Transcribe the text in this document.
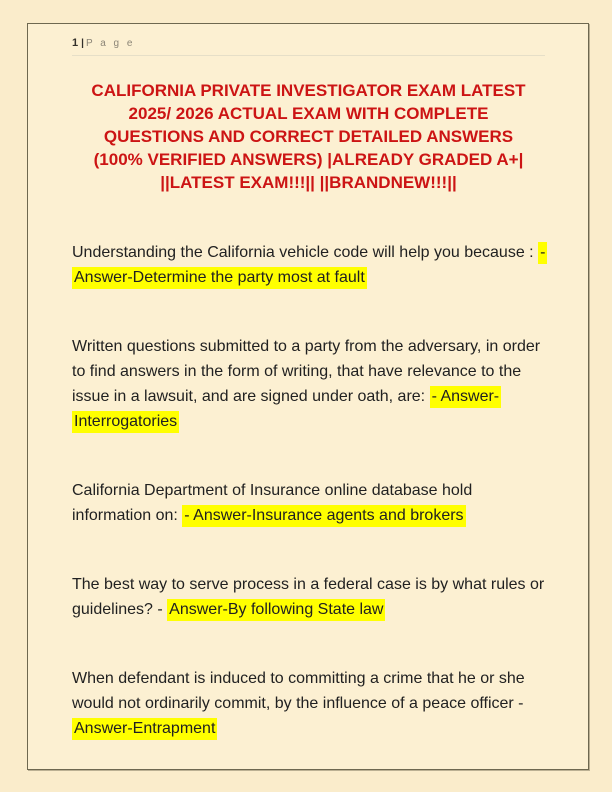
1 | P a g e
CALIFORNIA PRIVATE INVESTIGATOR EXAM LATEST
2025/ 2026 ACTUAL EXAM WITH COMPLETE
QUESTIONS AND CORRECT DETAILED ANSWERS
(100% VERIFIED ANSWERS) |ALREADY GRADED A+|
||LATEST EXAM!!!|| ||BRANDNEW!!!||

Understanding the California vehicle code will help you because : - Answer-Determine the party most at fault

Written questions submitted to a party from the adversary, in order to find answers in the form of writing, that have relevance to the issue in a lawsuit, and are signed under oath, are: - Answer-Interrogatories

California Department of Insurance online database hold information on: - Answer-Insurance agents and brokers

The best way to serve process in a federal case is by what rules or guidelines? - Answer-By following State law

When defendant is induced to committing a crime that he or she would not ordinarily commit, by the influence of a peace officer - Answer-Entrapment
